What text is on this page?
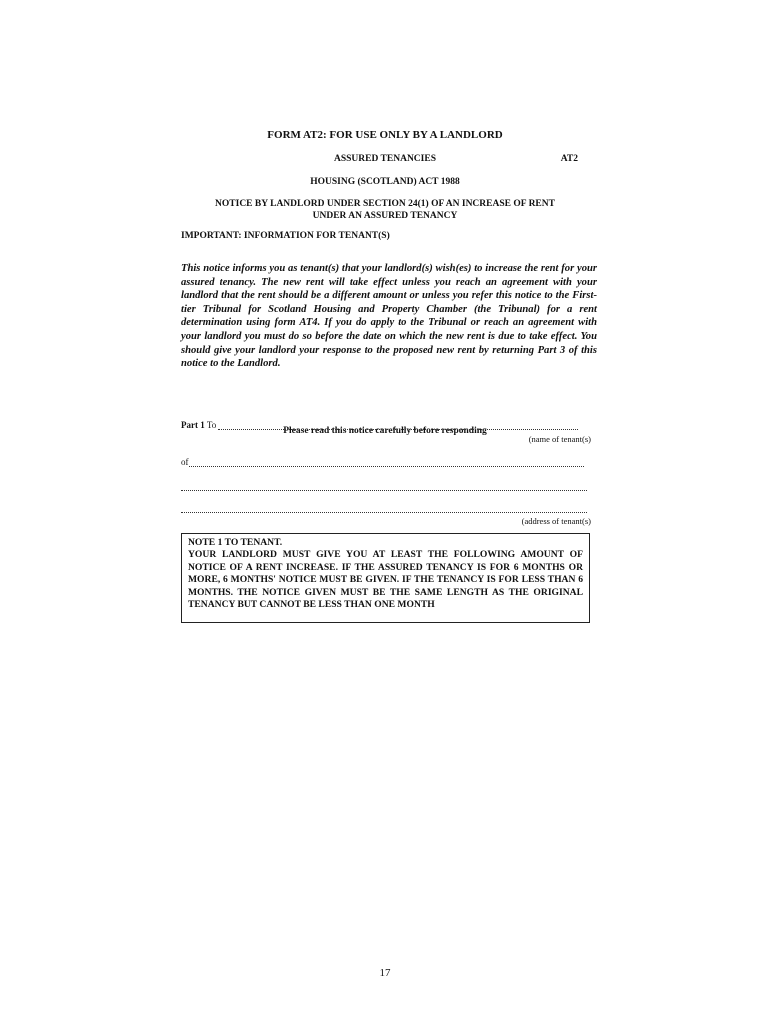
FORM AT2: FOR USE ONLY BY A LANDLORD
ASSURED TENANCIES	AT2
HOUSING (SCOTLAND) ACT 1988
NOTICE BY LANDLORD UNDER SECTION 24(1) OF AN INCREASE OF RENT
UNDER AN ASSURED TENANCY
IMPORTANT: INFORMATION FOR TENANT(S)
This notice informs you as tenant(s) that your landlord(s) wish(es) to increase the rent for your assured tenancy. The new rent will take effect unless you reach an agreement with your landlord that the rent should be a different amount or unless you refer this notice to the First-tier Tribunal for Scotland Housing and Property Chamber (the Tribunal) for a rent determination using form AT4. If you do apply to the Tribunal or reach an agreement with your landlord you must do so before the date on which the new rent is due to take effect. You should give your landlord your response to the proposed new rent by returning Part 3 of this notice to the Landlord.
Please read this notice carefully before responding
Part 1 To
(name of tenant(s)
of
(address of tenant(s)
NOTE 1 TO TENANT.
YOUR LANDLORD MUST GIVE YOU AT LEAST THE FOLLOWING AMOUNT OF NOTICE OF A RENT INCREASE. IF THE ASSURED TENANCY IS FOR 6 MONTHS OR MORE, 6 MONTHS' NOTICE MUST BE GIVEN. IF THE TENANCY IS FOR LESS THAN 6 MONTHS. THE NOTICE GIVEN MUST BE THE SAME LENGTH AS THE ORIGINAL TENANCY BUT CANNOT BE LESS THAN ONE MONTH
17
